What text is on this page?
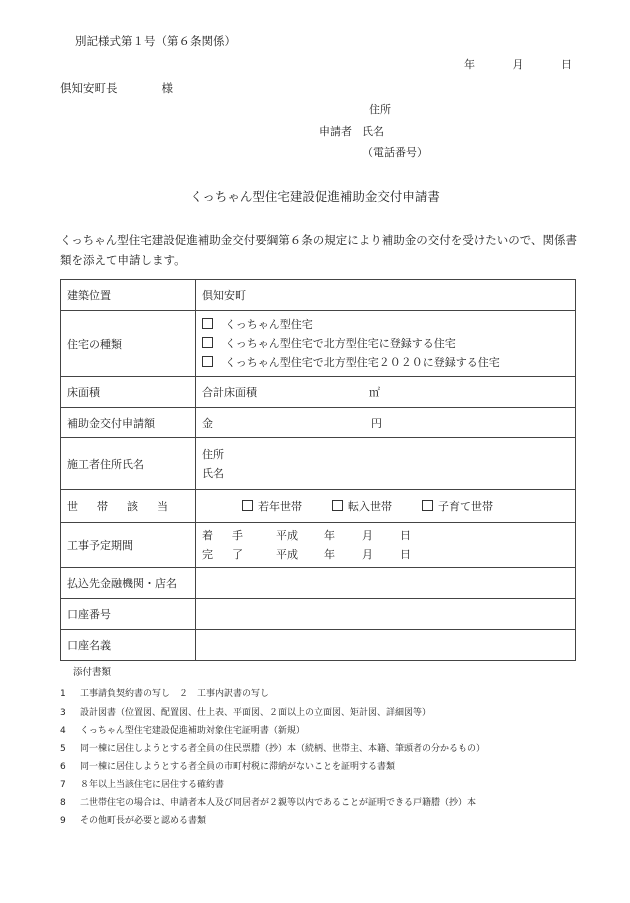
別記様式第１号（第６条関係）
年	月	日
倶知安町長	様
住所
申請者 氏名
（電話番号）
くっちゃん型住宅建設促進補助金交付申請書
くっちゃん型住宅建設促進補助金交付要綱第６条の規定により補助金の交付を受けたいので、関係書類を添えて申請します。
建築位置	倶知安町
住宅の種類	くっちゃん型住宅
くっちゃん型住宅で北方型住宅に登録する住宅
くっちゃん型住宅で北方型住宅２０２０に登録する住宅

床面積	合計床面積 ㎡
補助金交付申請額	金 円
施工者住所氏名	住所
氏名

世 帯 該 当	若年世帯 転入世帯 子育て世帯
工事予定期間	着 手 平成 年 月 日
完 了 平成 年 月 日

払込先金融機関・店名	
口座番号	
口座名義	
添付書類
1 工事請負契約書の写し　２　工事内訳書の写し
3 設計図書（位置図、配置図、仕上表、平面図、２面以上の立面図、矩計図、詳細図等）
4 くっちゃん型住宅建設促進補助対象住宅証明書（新規）
5 同一棟に居住しようとする者全員の住民票謄（抄）本（続柄、世帯主、本籍、筆頭者の分かるもの）
6 同一棟に居住しようとする者全員の市町村税に滞納がないことを証明する書類
7 ８年以上当該住宅に居住する確約書
8 二世帯住宅の場合は、申請者本人及び同居者が２親等以内であることが証明できる戸籍謄（抄）本
9 その他町長が必要と認める書類
